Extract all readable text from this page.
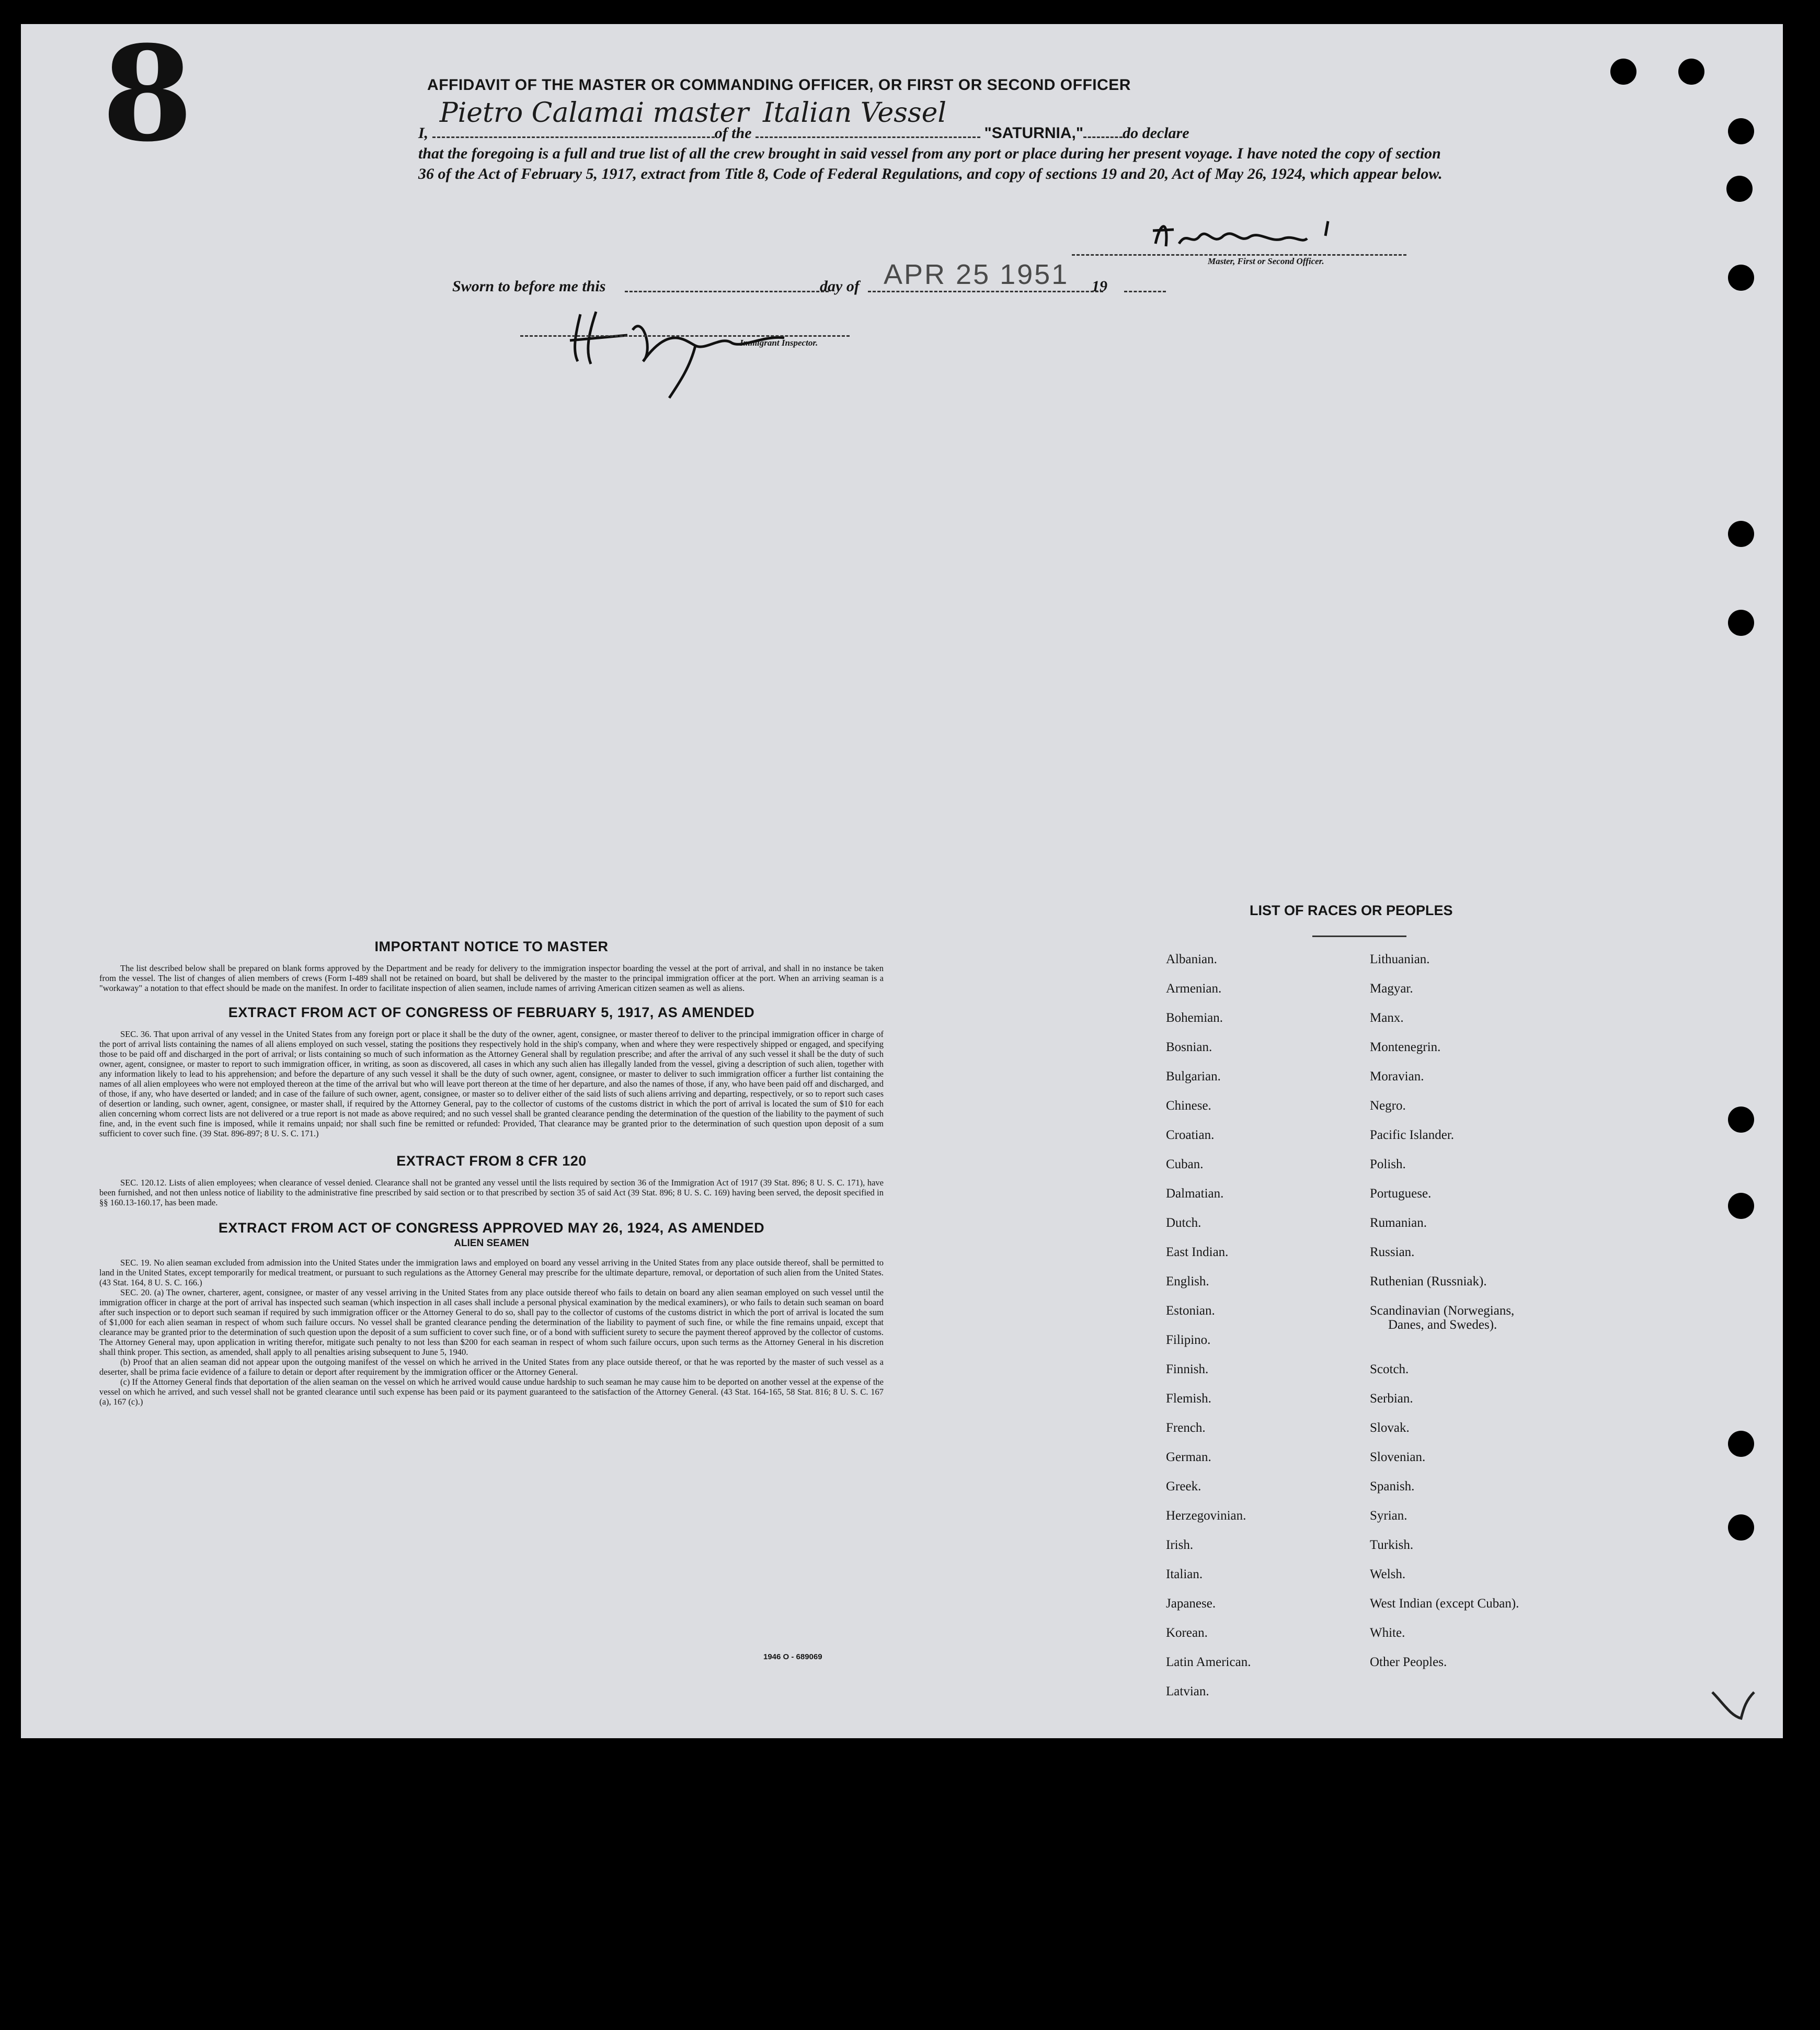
8	AFFIDAVIT OF THE MASTER OR COMMANDING OFFICER, OR FIRST OR SECOND OFFICER
I,
Pietro Calamai master
of the
Italian Vessel
"SATURNIA,"	do declare
that the foregoing is a full and true list of all the crew brought in said vessel from any port or place during her present voyage. I have noted the copy of section 36 of the Act of February 5, 1917, extract from Title 8, Code of Federal Regulations, and copy of sections 19 and 20, Act of May 26, 1924, which appear below.
Master, First or Second Officer.
Sworn to before me this	day of APR 25 1951 19
Immigrant Inspector.
IMPORTANT NOTICE TO MASTER

The list described below shall be prepared on blank forms approved by the Department and be ready for delivery to the immigration inspector boarding the vessel at the port of arrival, and shall in no instance be taken from the vessel. The list of changes of alien members of crews (Form I-489 shall not be retained on board, but shall be delivered by the master to the principal immigration officer at the port. When an arriving seaman is a "workaway" a notation to that effect should be made on the manifest. In order to facilitate inspection of alien seamen, include names of arriving American citizen seamen as well as aliens.

EXTRACT FROM ACT OF CONGRESS OF FEBRUARY 5, 1917, AS AMENDED

SEC. 36. That upon arrival of any vessel in the United States from any foreign port or place it shall be the duty of the owner, agent, consignee, or master thereof to deliver to the principal immigration officer in charge of the port of arrival lists containing the names of all aliens employed on such vessel, stating the positions they respectively hold in the ship's company, when and where they were respectively shipped or engaged, and specifying those to be paid off and discharged in the port of arrival; or lists containing so much of such information as the Attorney General shall by regulation prescribe; and after the arrival of any such vessel it shall be the duty of such owner, agent, consignee, or master to report to such immigration officer, in writing, as soon as discovered, all cases in which any such alien has illegally landed from the vessel, giving a description of such alien, together with any information likely to lead to his apprehension; and before the departure of any such vessel it shall be the duty of such owner, agent, consignee, or master to deliver to such immigration officer a further list containing the names of all alien employees who were not employed thereon at the time of the arrival but who will leave port thereon at the time of her departure, and also the names of those, if any, who have been paid off and discharged, and of those, if any, who have deserted or landed; and in case of the failure of such owner, agent, consignee, or master so to deliver either of the said lists of such aliens arriving and departing, respectively, or so to report such cases of desertion or landing, such owner, agent, consignee, or master shall, if required by the Attorney General, pay to the collector of customs of the customs district in which the port of arrival is located the sum of $10 for each alien concerning whom correct lists are not delivered or a true report is not made as above required; and no such vessel shall be granted clearance pending the determination of the question of the liability to the payment of such fine, and, in the event such fine is imposed, while it remains unpaid; nor shall such fine be remitted or refunded: Provided, That clearance may be granted prior to the determination of such question upon deposit of a sum sufficient to cover such fine. (39 Stat. 896-897; 8 U. S. C. 171.)

EXTRACT FROM 8 CFR 120

SEC. 120.12. Lists of alien employees; when clearance of vessel denied. Clearance shall not be granted any vessel until the lists required by section 36 of the Immigration Act of 1917 (39 Stat. 896; 8 U. S. C. 171), have been furnished, and not then unless notice of liability to the administrative fine prescribed by said section or to that prescribed by section 35 of said Act (39 Stat. 896; 8 U. S. C. 169) having been served, the deposit specified in §§ 160.13-160.17, has been made.

EXTRACT FROM ACT OF CONGRESS APPROVED MAY 26, 1924, AS AMENDED
ALIEN SEAMEN

SEC. 19. No alien seaman excluded from admission into the United States under the immigration laws and employed on board any vessel arriving in the United States from any place outside thereof, shall be permitted to land in the United States, except temporarily for medical treatment, or pursuant to such regulations as the Attorney General may prescribe for the ultimate departure, removal, or deportation of such alien from the United States. (43 Stat. 164, 8 U. S. C. 166.)

SEC. 20. (a) The owner, charterer, agent, consignee, or master of any vessel arriving in the United States from any place outside thereof who fails to detain on board any alien seaman employed on such vessel until the immigration officer in charge at the port of arrival has inspected such seaman (which inspection in all cases shall include a personal physical examination by the medical examiners), or who fails to detain such seaman on board after such inspection or to deport such seaman if required by such immigration officer or the Attorney General to do so, shall pay to the collector of customs of the customs district in which the port of arrival is located the sum of $1,000 for each alien seaman in respect of whom such failure occurs. No vessel shall be granted clearance pending the determination of the liability to payment of such fine, or while the fine remains unpaid, except that clearance may be granted prior to the determination of such question upon the deposit of a sum sufficient to cover such fine, or of a bond with sufficient surety to secure the payment thereof approved by the collector of customs. The Attorney General may, upon application in writing therefor, mitigate such penalty to not less than $200 for each seaman in respect of whom such failure occurs, upon such terms as the Attorney General in his discretion shall think proper. This section, as amended, shall apply to all penalties arising subsequent to June 5, 1940.

(b) Proof that an alien seaman did not appear upon the outgoing manifest of the vessel on which he arrived in the United States from any place outside thereof, or that he was reported by the master of such vessel as a deserter, shall be prima facie evidence of a failure to detain or deport after requirement by the immigration officer or the Attorney General.

(c) If the Attorney General finds that deportation of the alien seaman on the vessel on which he arrived would cause undue hardship to such seaman he may cause him to be deported on another vessel at the expense of the vessel on which he arrived, and such vessel shall not be granted clearance until such expense has been paid or its payment guaranteed to the satisfaction of the Attorney General. (43 Stat. 164-165, 58 Stat. 816; 8 U. S. C. 167 (a), 167 (c).)

1946 O - 689069
LIST OF RACES OR PEOPLES
Albanian.
Armenian.
Bohemian.
Bosnian.
Bulgarian.
Chinese.
Croatian.
Cuban.
Dalmatian.
Dutch.
East Indian.
English.
Estonian.
Filipino.
Finnish.
Flemish.
French.
German.
Greek.
Herzegovinian.
Irish.
Italian.
Japanese.
Korean.
Latin American.
Latvian.
Lithuanian.
Magyar.
Manx.
Montenegrin.
Moravian.
Negro.
Pacific Islander.
Polish.
Portuguese.
Rumanian.
Russian.
Ruthenian (Russniak).
Scandinavian (Norwegians,
Danes, and Swedes).
Scotch.
Serbian.
Slovak.
Slovenian.
Spanish.
Syrian.
Turkish.
Welsh.
West Indian (except Cuban).
White.
Other Peoples.
